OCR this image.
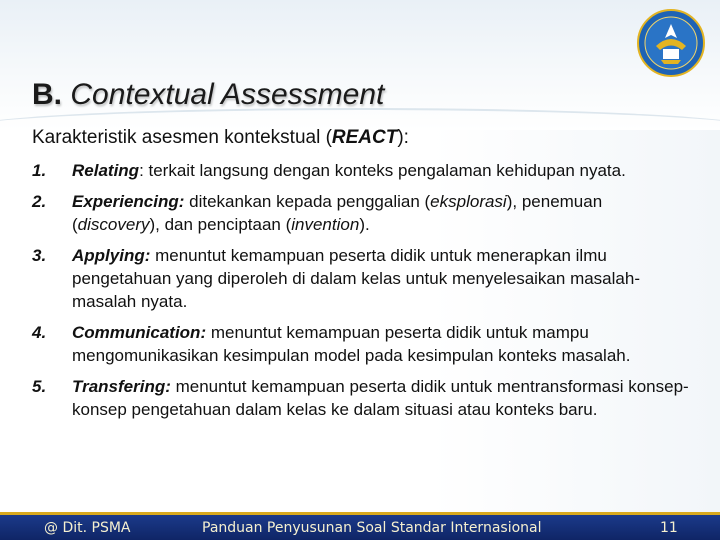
B. Contextual Assessment
Karakteristik asesmen kontekstual (REACT):
1. Relating: terkait langsung dengan konteks pengalaman kehidupan nyata.
2. Experiencing: ditekankan kepada penggalian (eksplorasi), penemuan (discovery), dan penciptaan (invention).
3. Applying: menuntut kemampuan peserta didik untuk menerapkan ilmu pengetahuan yang diperoleh di dalam kelas untuk menyelesaikan masalah-masalah nyata.
4. Communication: menuntut kemampuan peserta didik untuk mampu mengomunikasikan kesimpulan model pada kesimpulan konteks masalah.
5. Transfering: menuntut kemampuan peserta didik untuk mentransformasi konsep-konsep pengetahuan dalam kelas ke dalam situasi atau konteks baru.
@ Dit. PSMA	Panduan Penyusunan Soal Standar Internasional	11
